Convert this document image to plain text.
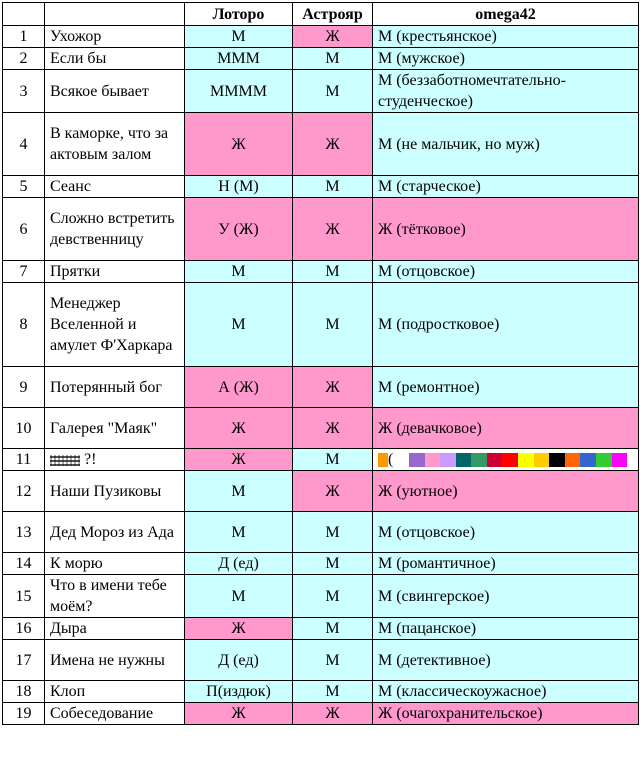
		Лоторо	Астрояр	omega42
1	Ухожор	М	Ж	М (крестьянское)
2	Если бы	МММ	М	М (мужское)
3	Всякое бывает	ММММ	М	М (беззаботномечтательно-студенческое)
4	В каморке, что за актовым залом	Ж	Ж	М (не мальчик, но муж)
5	Сеанс	Н (М)	М	М (старческое)
6	Сложно встретить девственницу	У (Ж)	Ж	Ж (тётковое)
7	Прятки	М	М	М (отцовское)
8	Менеджер Вселенной и амулет Ф'Харкара	М	М	М (подростковое)
9	Потерянный бог	А (Ж)	Ж	М (ремонтное)
10	Галерея "Маяк"	Ж	Ж	Ж (девачковое)
11	?!	Ж	М	(

12	Наши Пузиковы	М	Ж	Ж (уютное)
13	Дед Мороз из Ада	М	М	М (отцовское)
14	К морю	Д (ед)	М	М (романтичное)
15	Что в имени тебе моём?	М	М	М (свингерское)
16	Дыра	Ж	М	М (пацанское)
17	Имена не нужны	Д (ед)	М	М (детективное)
18	Клоп	П(издюк)	М	М (классическоужасное)
19	Собеседование	Ж	Ж	Ж (очагохранительское)
